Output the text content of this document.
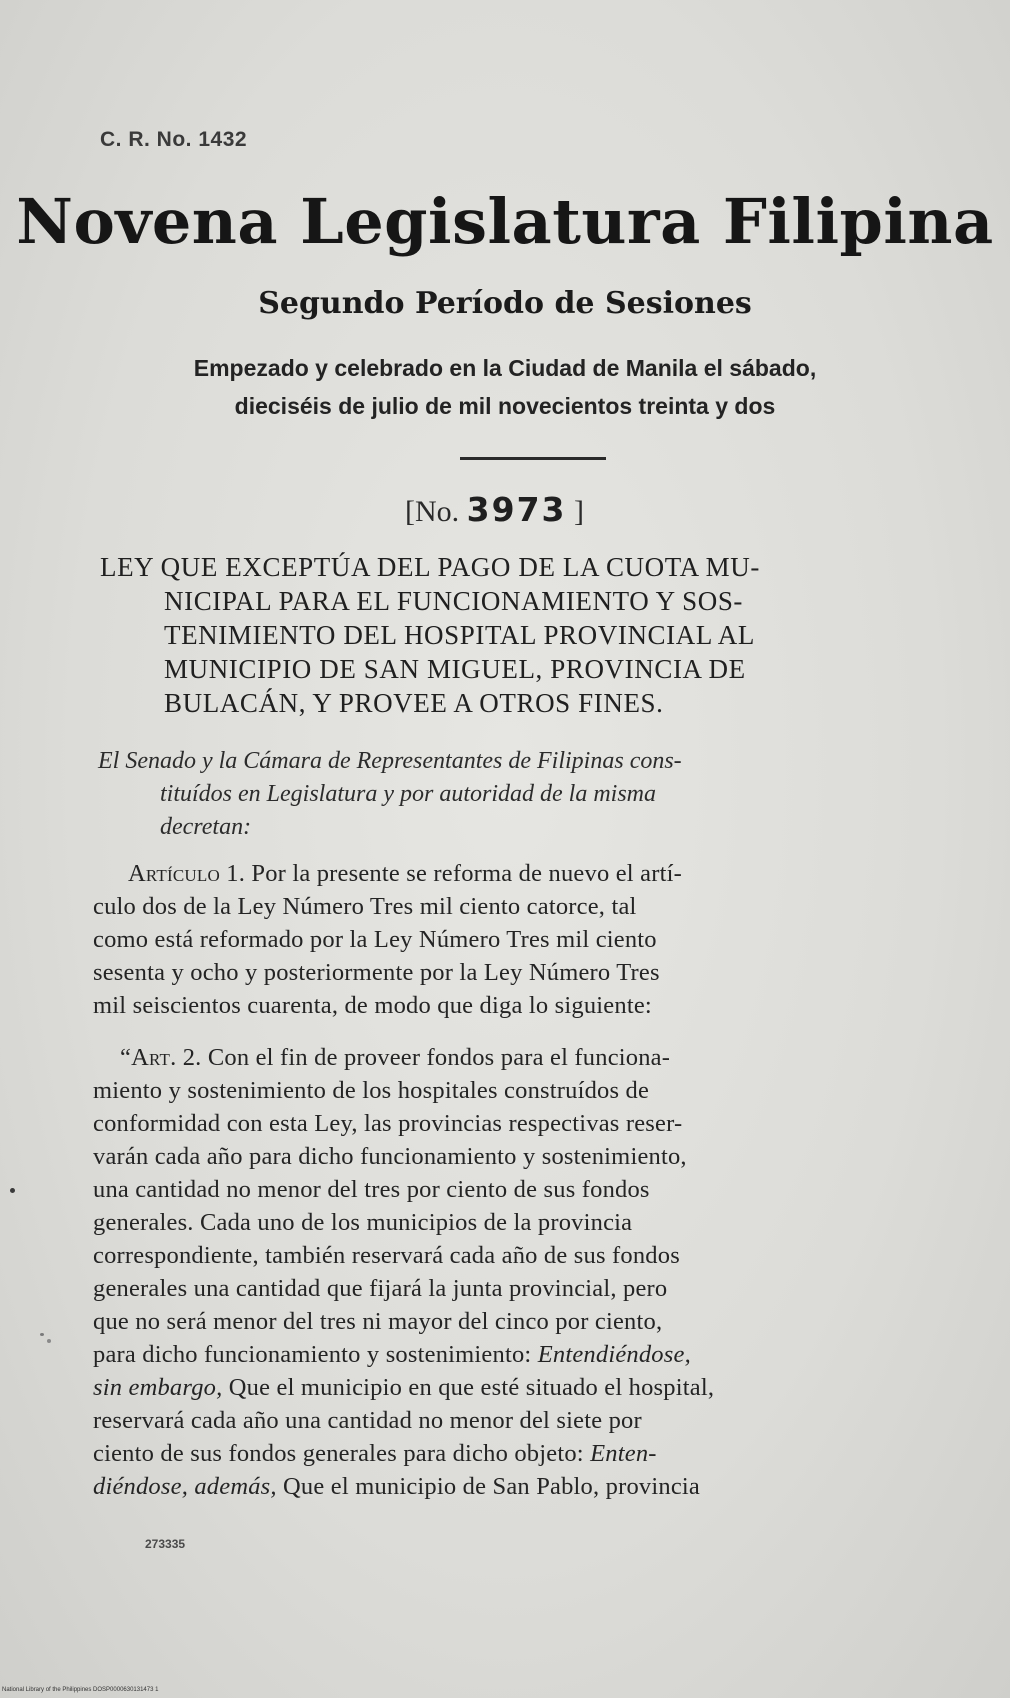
C. R. No. 1432
Novena Legislatura Filipina
Segundo Período de Sesiones
Empezado y celebrado en la Ciudad de Manila el sábado,
dieciséis de julio de mil novecientos treinta y dos
[No. 3973 ]
LEY QUE EXCEPTÚA DEL PAGO DE LA CUOTA MU-
NICIPAL PARA EL FUNCIONAMIENTO Y SOS-
TENIMIENTO DEL HOSPITAL PROVINCIAL AL
MUNICIPIO DE SAN MIGUEL, PROVINCIA DE
BULACÁN, Y PROVEE A OTROS FINES.
El Senado y la Cámara de Representantes de Filipinas cons-
tituídos en Legislatura y por autoridad de la misma
decretan:
Artículo 1. Por la presente se reforma de nuevo el artí-
culo dos de la Ley Número Tres mil ciento catorce, tal
como está reformado por la Ley Número Tres mil ciento
sesenta y ocho y posteriormente por la Ley Número Tres
mil seiscientos cuarenta, de modo que diga lo siguiente:
“Art. 2. Con el fin de proveer fondos para el funciona-
miento y sostenimiento de los hospitales construídos de
conformidad con esta Ley, las provincias respectivas reser-
varán cada año para dicho funcionamiento y sostenimiento,
una cantidad no menor del tres por ciento de sus fondos
generales. Cada uno de los municipios de la provincia
correspondiente, también reservará cada año de sus fondos
generales una cantidad que fijará la junta provincial, pero
que no será menor del tres ni mayor del cinco por ciento,
para dicho funcionamiento y sostenimiento: Entendiéndose,
sin embargo, Que el municipio en que esté situado el hospital,
reservará cada año una cantidad no menor del siete por
ciento de sus fondos generales para dicho objeto: Enten-
diéndose, además, Que el municipio de San Pablo, provincia
273335
National Library of the Philippines DOSP0000630131473 1
